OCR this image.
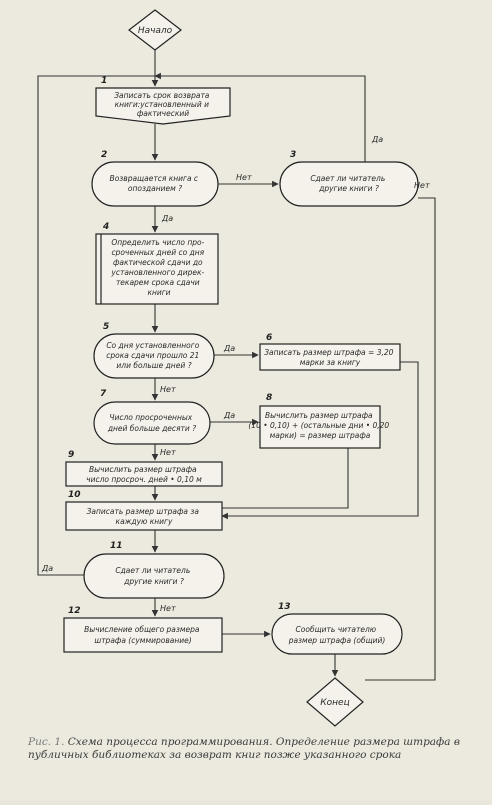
Начало
Конец
1
2	3
4
5
6
7	8
9
10
11
12	13
Записать срок возврата книги:установленный и фактический
Возвращается книга с опозданием ?
Сдает ли читатель другие книги ?
Определить число про- сроченных дней со дня фактической сдачи до установленного дирек- текарем срока сдачи книги
Со дня установленного срока сдачи прошло 21 или больше дней ?
Записать размер штрафа = 3,20 марки за книгу
Число просроченных дней больше десяти ?
Вычислить размер штрафа (10 • 0,10) + (остальные дни • 0,20 марки) = размер штрафа
Вычислить размер штрафа число просроч. дней • 0,10 м
Записать размер штрафа за каждую книгу
Сдает ли читатель другие книги ?
Вычисление общего размера штрафа (суммирование)
Сообщить читателю размер штрафа (общий)
Нет
Да
Нет
Да
Да
Нет
Да
Нет
Да
Нет
Рис. 1. Схема процесса программирования. Определение размера штрафа в публичных библиотеках за возврат книг позже указанного срока
